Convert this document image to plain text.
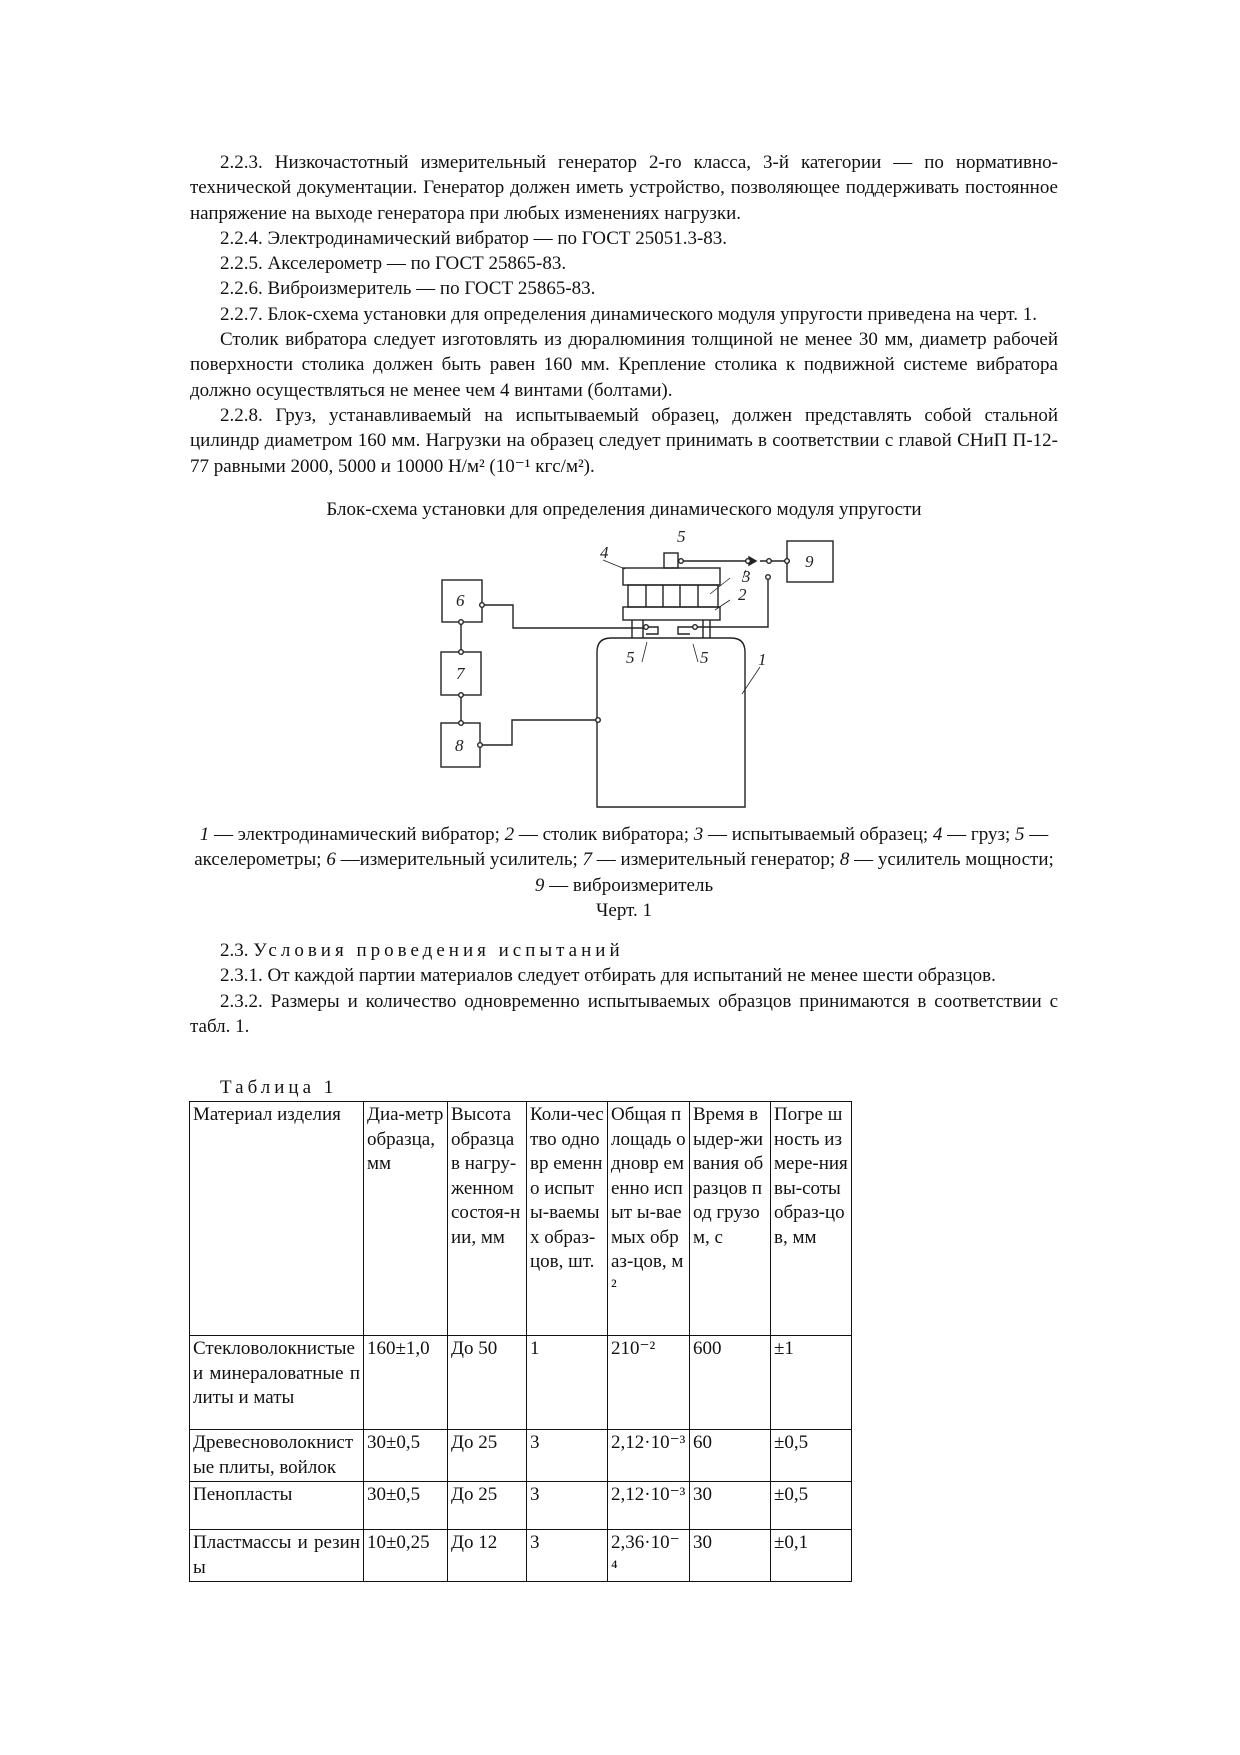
2.2.3. Низкочастотный измерительный генератор 2-го класса, 3-й категории — по нормативно-технической документации. Генератор должен иметь устройство, позволяющее поддерживать постоянное напряжение на выходе генератора при любых изменениях нагрузки.

2.2.4. Электродинамический вибратор — по ГОСТ 25051.3-83.

2.2.5. Акселерометр — по ГОСТ 25865-83.

2.2.6. Виброизмеритель — по ГОСТ 25865-83.

2.2.7. Блок-схема установки для определения динамического модуля упругости приведена на черт. 1.

Столик вибратора следует изготовлять из дюралюминия толщиной не менее 30 мм, диаметр рабочей поверхности столика должен быть равен 160 мм. Крепление столика к подвижной системе вибратора должно осуществляться не менее чем 4 винтами (болтами).

2.2.8. Груз, устанавливаемый на испытываемый образец, должен представлять собой стальной цилиндр диаметром 160 мм. Нагрузки на образец следует принимать в соответствии с главой СНиП П-12-77 равными 2000, 5000 и 10000 Н/м² (10⁻¹ кгс/м²).

Блок-схема установки для определения динамического модуля упругости

6
7
8
9
4
5
3
2
5	5	1

1 — электродинамический вибратор; 2 — столик вибратора; 3 — испытываемый образец; 4 — груз; 5 — акселерометры; 6 —измерительный усилитель; 7 — измерительный генератор; 8 — усилитель мощности; 9 — виброизмеритель

Черт. 1

2.3. Условия проведения испытаний

2.3.1. От каждой партии материалов следует отбирать для испытаний не менее шести образцов.

2.3.2. Размеры и количество одновременно испытываемых образцов принимаются в соответствии с табл. 1.

Таблица 1

Материал изделия	Диа-метр образца, мм	Высота образца в нагру-женном состоя-нии, мм	Коли-чество одновр еменно испыт ы-ваемых образ-цов, шт.	Общая площадь одновр еменно испыт ы-ваемых образ-цов, м²	Время выдер-живания образцов под грузом, с	Погре шность измере-ния вы-соты образ-цов, мм
Стекловолокнистые и минераловатные плиты и маты	160±1,0	До 50	1	210⁻²	600	±1
Древесноволокнистые плиты, войлок	30±0,5	До 25	3	2,12·10⁻³	60	±0,5
Пенопласты	30±0,5	До 25	3	2,12·10⁻³	30	±0,5
Пластмассы и резины	10±0,25	До 12	3	2,36·10⁻⁴	30	±0,1
